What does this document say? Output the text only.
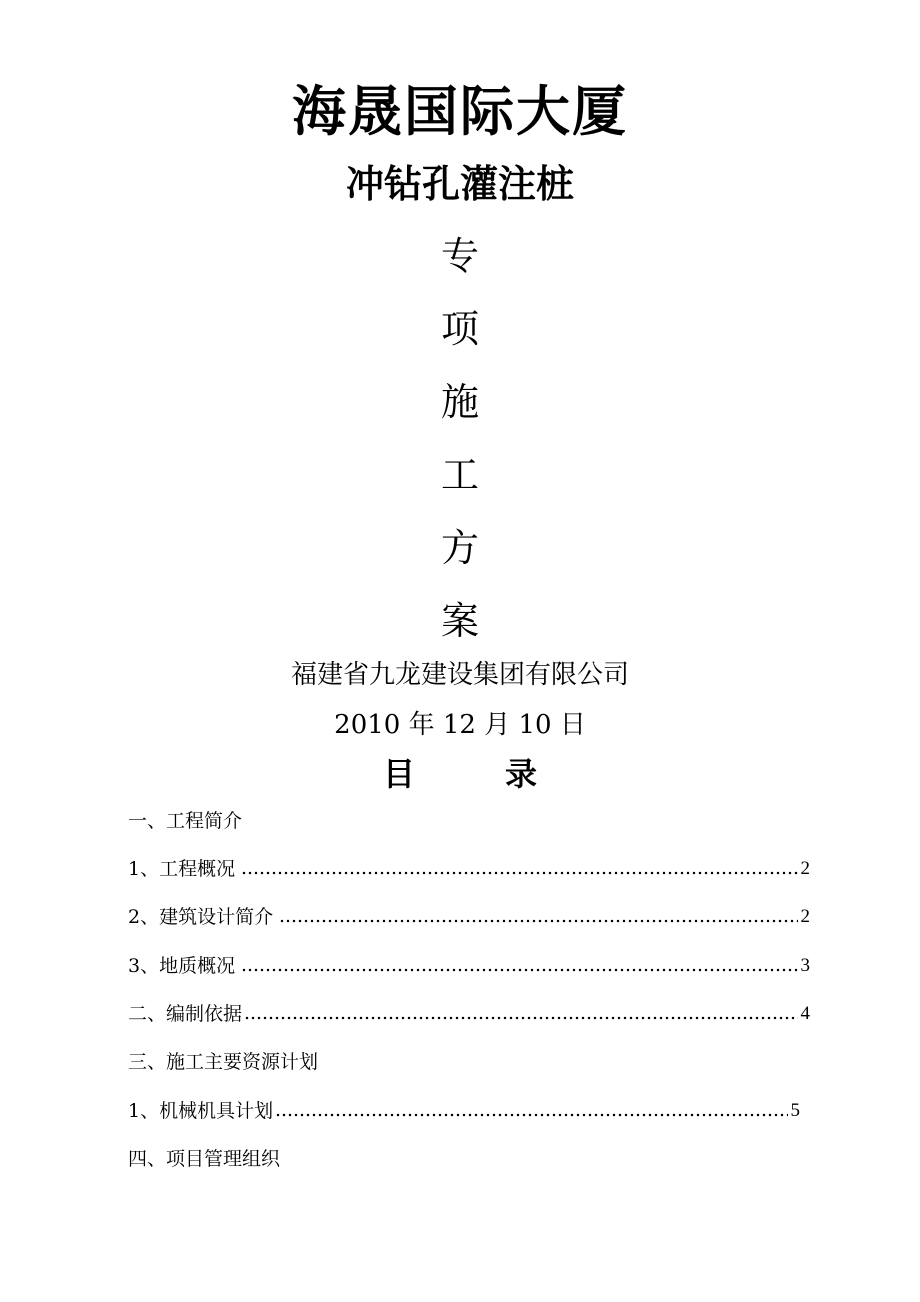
海晟国际大厦
冲钻孔灌注桩
专
项
施
工
方
案
福建省九龙建设集团有限公司
2010 年 12 月 10 日
目	录
一、工程简介
1、工程概况	2
2、建筑设计简介	2
3、地质概况	3
二、编制依据	4
三、施工主要资源计划
1、机械机具计划	5
四、项目管理组织
